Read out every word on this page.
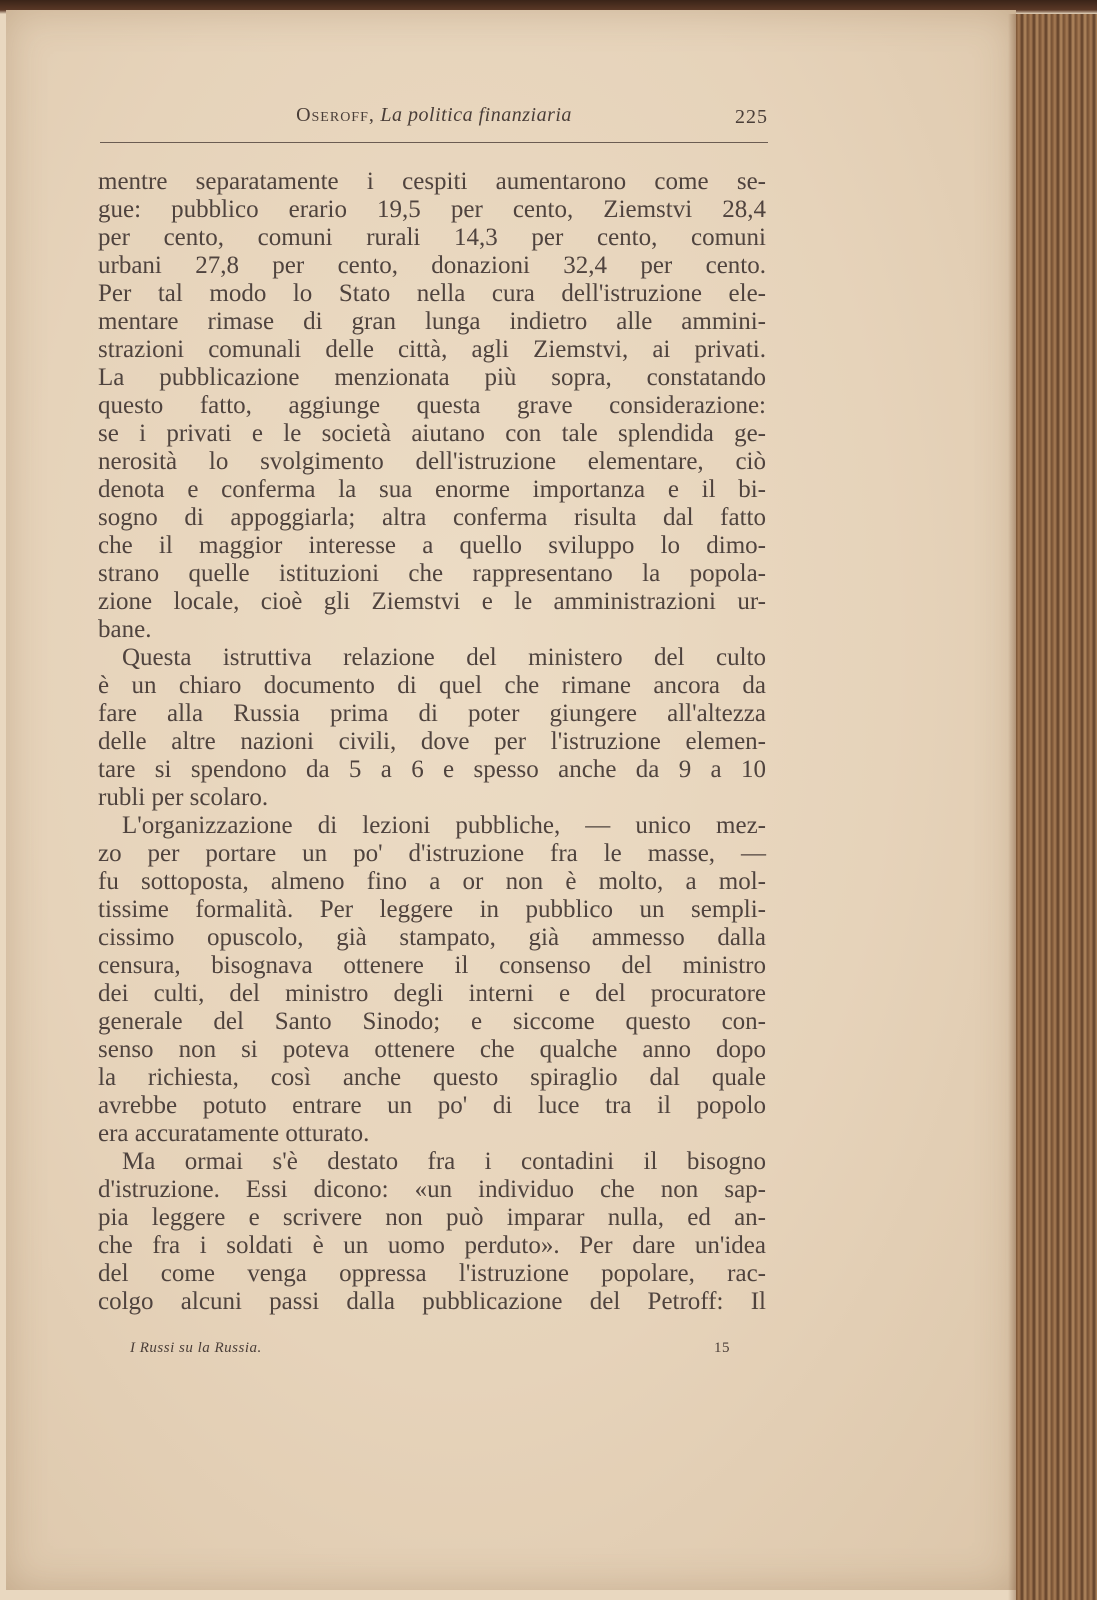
Oseroff, La politica finanziaria	225
mentre separatamente i cespiti aumentarono come se-
gue: pubblico erario 19,5 per cento, Ziemstvi 28,4
per cento, comuni rurali 14,3 per cento, comuni
urbani 27,8 per cento, donazioni 32,4 per cento.
Per tal modo lo Stato nella cura dell'istruzione ele-
mentare rimase di gran lunga indietro alle ammini-
strazioni comunali delle città, agli Ziemstvi, ai privati.
La pubblicazione menzionata più sopra, constatando
questo fatto, aggiunge questa grave considerazione:
se i privati e le società aiutano con tale splendida ge-
nerosità lo svolgimento dell'istruzione elementare, ciò
denota e conferma la sua enorme importanza e il bi-
sogno di appoggiarla; altra conferma risulta dal fatto
che il maggior interesse a quello sviluppo lo dimo-
strano quelle istituzioni che rappresentano la popola-
zione locale, cioè gli Ziemstvi e le amministrazioni ur-
bane.
Questa istruttiva relazione del ministero del culto
è un chiaro documento di quel che rimane ancora da
fare alla Russia prima di poter giungere all'altezza
delle altre nazioni civili, dove per l'istruzione elemen-
tare si spendono da 5 a 6 e spesso anche da 9 a 10
rubli per scolaro.
L'organizzazione di lezioni pubbliche, — unico mez-
zo per portare un po' d'istruzione fra le masse, —
fu sottoposta, almeno fino a or non è molto, a mol-
tissime formalità. Per leggere in pubblico un sempli-
cissimo opuscolo, già stampato, già ammesso dalla
censura, bisognava ottenere il consenso del ministro
dei culti, del ministro degli interni e del procuratore
generale del Santo Sinodo; e siccome questo con-
senso non si poteva ottenere che qualche anno dopo
la richiesta, così anche questo spiraglio dal quale
avrebbe potuto entrare un po' di luce tra il popolo
era accuratamente otturato.
Ma ormai s'è destato fra i contadini il bisogno
d'istruzione. Essi dicono: «un individuo che non sap-
pia leggere e scrivere non può imparar nulla, ed an-
che fra i soldati è un uomo perduto». Per dare un'idea
del come venga oppressa l'istruzione popolare, rac-
colgo alcuni passi dalla pubblicazione del Petroff: Il
I Russi su la Russia.	15
